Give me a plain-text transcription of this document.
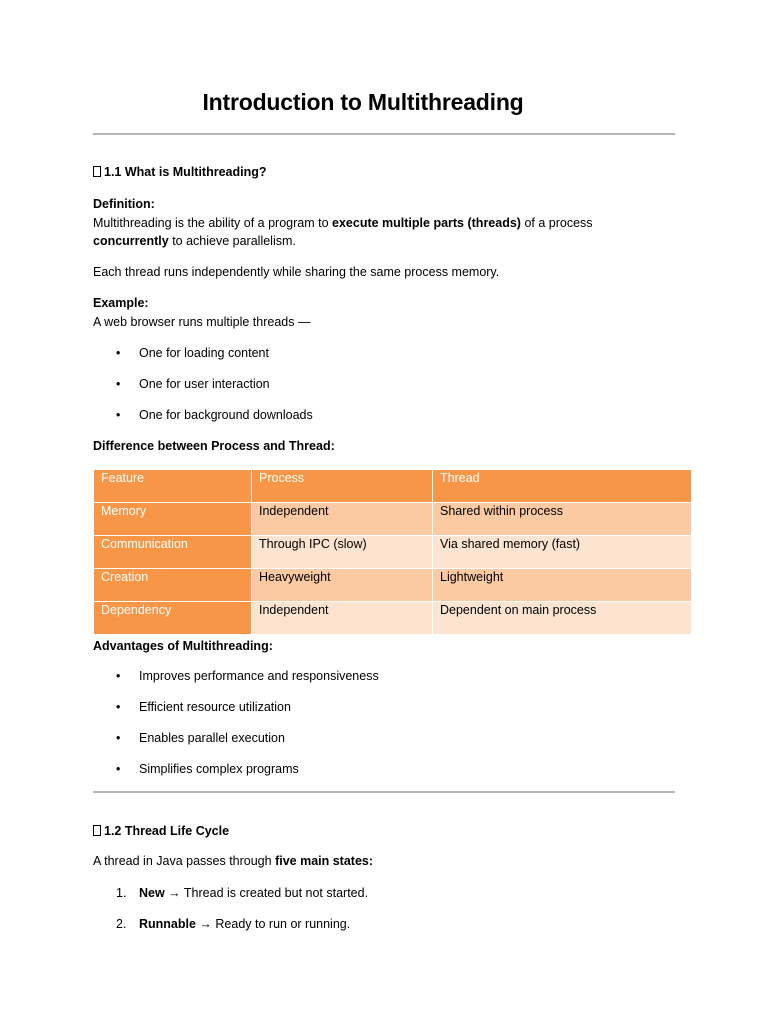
Introduction to Multithreading
1.1 What is Multithreading?
Definition:
Multithreading is the ability of a program to execute multiple parts (threads) of a process
concurrently to achieve parallelism.
Each thread runs independently while sharing the same process memory.
Example:
A web browser runs multiple threads —
• One for loading content
• One for user interaction
• One for background downloads
Difference between Process and Thread:
Feature	Process	Thread
Memory	Independent	Shared within process
Communication	Through IPC (slow)	Via shared memory (fast)
Creation	Heavyweight	Lightweight
Dependency	Independent	Dependent on main process
Advantages of Multithreading:
• Improves performance and responsiveness
• Efficient resource utilization
• Enables parallel execution
• Simplifies complex programs
1.2 Thread Life Cycle
A thread in Java passes through five main states:
1. New → Thread is created but not started.
2. Runnable → Ready to run or running.
